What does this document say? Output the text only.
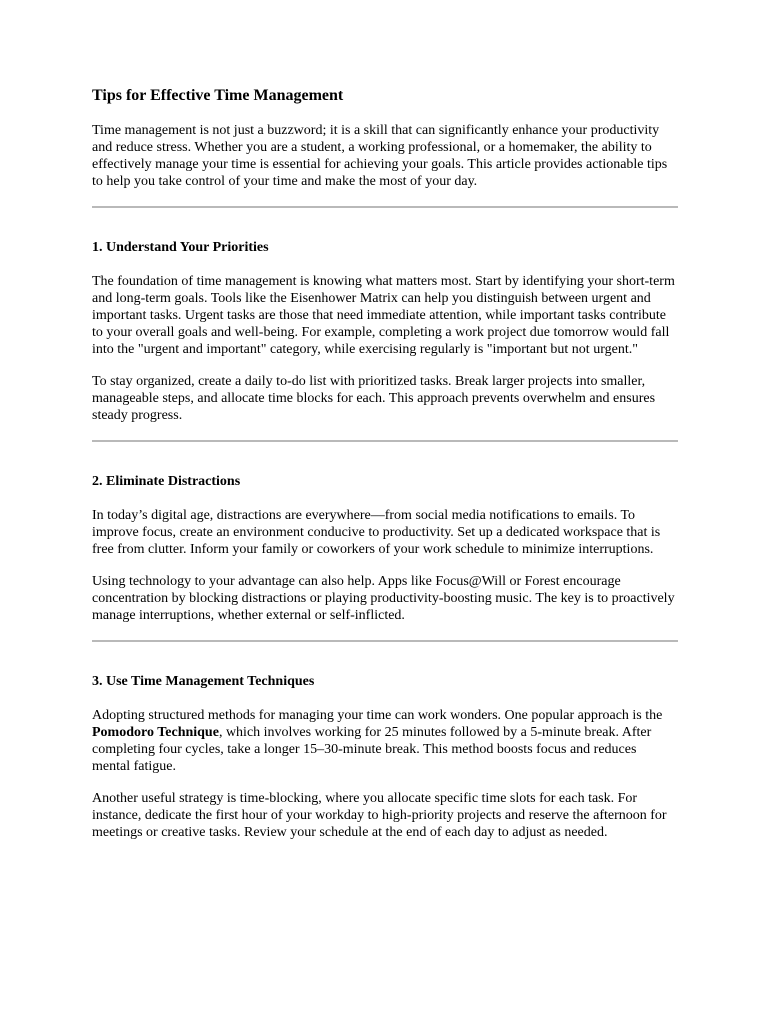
Tips for Effective Time Management

Time management is not just a buzzword; it is a skill that can significantly enhance your productivity and reduce stress. Whether you are a student, a working professional, or a homemaker, the ability to effectively manage your time is essential for achieving your goals. This article provides actionable tips to help you take control of your time and make the most of your day.

1. Understand Your Priorities

The foundation of time management is knowing what matters most. Start by identifying your short-term and long-term goals. Tools like the Eisenhower Matrix can help you distinguish between urgent and important tasks. Urgent tasks are those that need immediate attention, while important tasks contribute to your overall goals and well-being. For example, completing a work project due tomorrow would fall into the "urgent and important" category, while exercising regularly is "important but not urgent."

To stay organized, create a daily to-do list with prioritized tasks. Break larger projects into smaller, manageable steps, and allocate time blocks for each. This approach prevents overwhelm and ensures steady progress.

2. Eliminate Distractions

In today’s digital age, distractions are everywhere—from social media notifications to emails. To improve focus, create an environment conducive to productivity. Set up a dedicated workspace that is free from clutter. Inform your family or coworkers of your work schedule to minimize interruptions.

Using technology to your advantage can also help. Apps like Focus@Will or Forest encourage concentration by blocking distractions or playing productivity-boosting music. The key is to proactively manage interruptions, whether external or self-inflicted.

3. Use Time Management Techniques

Adopting structured methods for managing your time can work wonders. One popular approach is the Pomodoro Technique, which involves working for 25 minutes followed by a 5-minute break. After completing four cycles, take a longer 15–30-minute break. This method boosts focus and reduces mental fatigue.

Another useful strategy is time-blocking, where you allocate specific time slots for each task. For instance, dedicate the first hour of your workday to high-priority projects and reserve the afternoon for meetings or creative tasks. Review your schedule at the end of each day to adjust as needed.
